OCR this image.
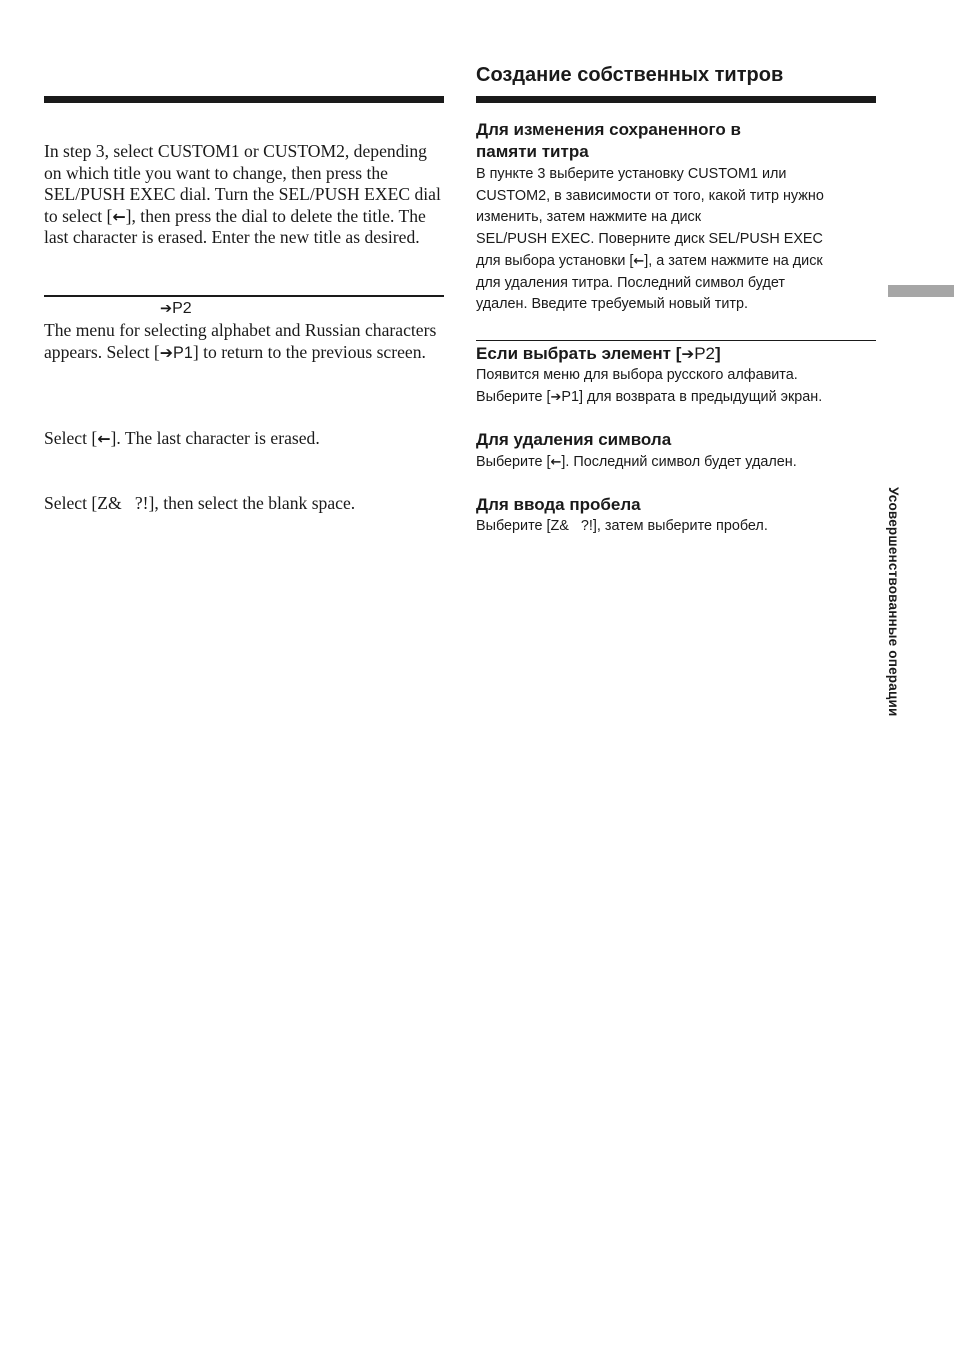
In step 3, select CUSTOM1 or CUSTOM2, depending on which title you want to change, then press the SEL/PUSH EXEC dial. Turn the SEL/PUSH EXEC dial to select [←], then press the dial to delete the title. The last character is erased. Enter the new title as desired.
➔P2
The menu for selecting alphabet and Russian characters appears. Select [➔P1] to return to the previous screen.
Select [←]. The last character is erased.
Select [Z&   ?!], then select the blank space.
Создание собственных титров
Для изменения сохраненного в
памяти титра
В пункте 3 выберите установку CUSTOM1 или
CUSTOM2, в зависимости от того, какой титр нужно
изменить, затем нажмите на диск
SEL/PUSH EXEC. Поверните диск SEL/PUSH EXEC
для выбора установки [←], а затем нажмите на диск
для удаления титра. Последний символ будет
удален. Введите требуемый новый титр.
Если выбрать элемент [➔P2]
Появится меню для выбора русского алфавита.
Выберите [➔P1] для возврата в предыдущий экран.
Для удаления символа
Выберите [←]. Последний символ будет удален.
Для ввода пробела
Выберите [Z&   ?!], затем выберите пробел.	Усовершенствованные операции
